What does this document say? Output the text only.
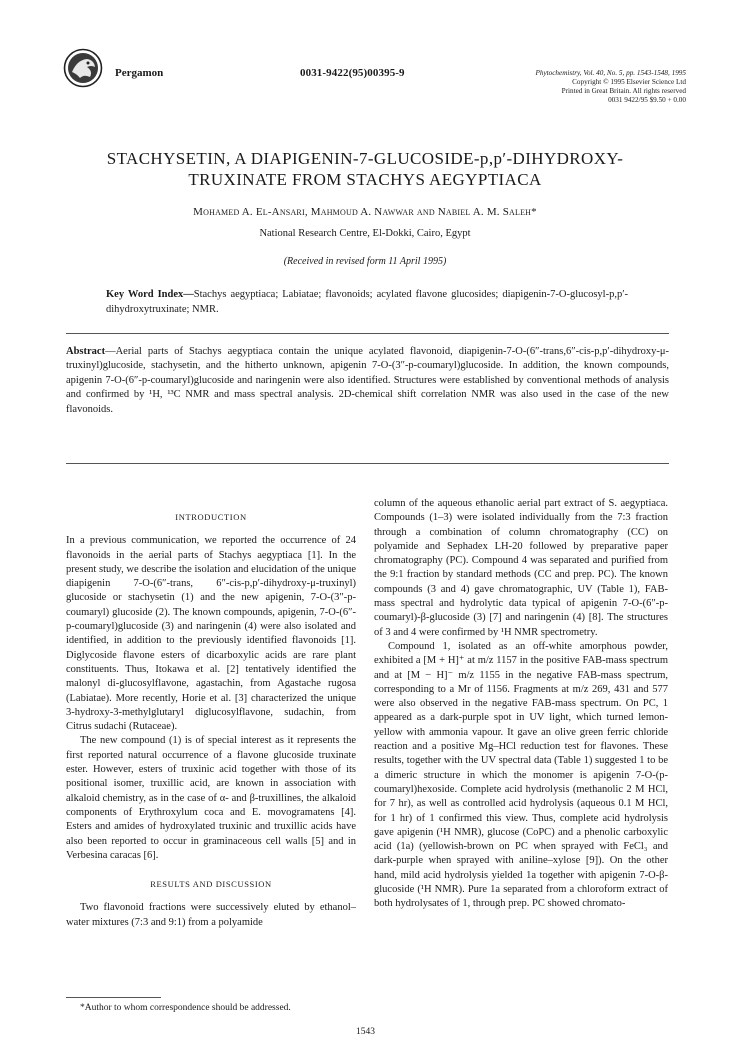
Pergamon	0031-9422(95)00395-9	Phytochemistry, Vol. 40, No. 5, pp. 1543-1548, 1995
Copyright © 1995 Elsevier Science Ltd
Printed in Great Britain. All rights reserved
0031 9422/95 $9.50 + 0.00
STACHYSETIN, A DIAPIGENIN-7-GLUCOSIDE-p,p′-DIHYDROXY-
TRUXINATE FROM STACHYS AEGYPTIACA
Mohamed A. El-Ansari, Mahmoud A. Nawwar and Nabiel A. M. Saleh*
National Research Centre, El-Dokki, Cairo, Egypt
(Received in revised form 11 April 1995)
Key Word Index—Stachys aegyptiaca; Labiatae; flavonoids; acylated flavone glucosides; diapigenin-7-O-glucosyl-p,p′-dihydroxytruxinate; NMR.
Abstract—Aerial parts of Stachys aegyptiaca contain the unique acylated flavonoid, diapigenin-7-O-(6″-trans,6″-cis-p,p′-dihydroxy-μ-truxinyl)glucoside, stachysetin, and the hitherto unknown, apigenin 7-O-(3″-p-coumaryl)glucoside. In addition, the known compounds, apigenin 7-O-(6″-p-coumaryl)glucoside and naringenin were also identified. Structures were established by conventional methods of analysis and confirmed by ¹H, ¹³C NMR and mass spectral analysis. 2D-chemical shift correlation NMR was also used in the case of the new flavonoids.
INTRODUCTION

In a previous communication, we reported the occurrence of 24 flavonoids in the aerial parts of Stachys aegyptiaca [1]. In the present study, we describe the isolation and elucidation of the unique diapigenin 7-O-(6″-trans, 6″-cis-p,p′-dihydroxy-μ-truxinyl) glucoside or stachysetin (1) and the new apigenin, 7-O-(3″-p-coumaryl) glucoside (2). The known compounds, apigenin, 7-O-(6″-p-coumaryl)glucoside (3) and naringenin (4) were also isolated and identified, in addition to the previously identified flavonoids [1]. Diglycoside flavone esters of dicarboxylic acids are rare plant constituents. Thus, Itokawa et al. [2] tentatively identified the malonyl di-glucosylflavone, agastachin, from Agastache rugosa (Labiatae). More recently, Horie et al. [3] characterized the unique 3-hydroxy-3-methylglutaryl diglucosylflavone, sudachin, from Citrus sudachi (Rutaceae).

The new compound (1) is of special interest as it represents the first reported natural occurrence of a flavone glucoside truxinate ester. However, esters of truxinic acid together with those of its positional isomer, truxillic acid, are known in association with alkaloid chemistry, as in the case of α- and β-truxillines, the alkaloid components of Erythroxylum coca and E. movogramatens [4]. Esters and amides of hydroxylated truxinic and truxillic acids have also been reported to occur in graminaceous cell walls [5] and in Verbesina caracas [6].

RESULTS AND DISCUSSION

Two flavonoid fractions were successively eluted by ethanol–water mixtures (7:3 and 9:1) from a polyamide

column of the aqueous ethanolic aerial part extract of S. aegyptiaca. Compounds (1–3) were isolated individually from the 7:3 fraction through a combination of column chromatography (CC) on polyamide and Sephadex LH-20 followed by preparative paper chromatography (PC). Compound 4 was separated and purified from the 9:1 fraction by standard methods (CC and prep. PC). The known compounds (3 and 4) gave chromatographic, UV (Table 1), FAB-mass spectral and hydrolytic data typical of apigenin 7-O-(6″-p-coumaryl)-β-glucoside (3) [7] and naringenin (4) [8]. The structures of 3 and 4 were confirmed by ¹H NMR spectrometry.

Compound 1, isolated as an off-white amorphous powder, exhibited a [M + H]⁺ at m/z 1157 in the positive FAB-mass spectrum and at [M − H]⁻ m/z 1155 in the negative FAB-mass spectrum, corresponding to a Mr of 1156. Fragments at m/z 269, 431 and 577 were also observed in the negative FAB-mass spectrum. On PC, 1 appeared as a dark-purple spot in UV light, which turned lemon-yellow with ammonia vapour. It gave an olive green ferric chloride reaction and a positive Mg–HCl reduction test for flavones. These results, together with the UV spectral data (Table 1) suggested 1 to be a dimeric structure in which the monomer is apigenin 7-O-(p-coumaryl)hexoside. Complete acid hydrolysis (methanolic 2 M HCl, for 7 hr), as well as controlled acid hydrolysis (aqueous 0.1 M HCl, for 1 hr) of 1 confirmed this view. Thus, complete acid hydrolysis gave apigenin (¹H NMR), glucose (CoPC) and a phenolic carboxylic acid (1a) (yellowish-brown on PC when sprayed with FeCl₃ and dark-purple when sprayed with aniline–xylose [9]). On the other hand, mild acid hydrolysis yielded 1a together with apigenin 7-O-β-glucoside (¹H NMR). Pure 1a separated from a chloroform extract of both hydrolysates of 1, through prep. PC showed chromato-

*Author to whom correspondence should be addressed.
1543
